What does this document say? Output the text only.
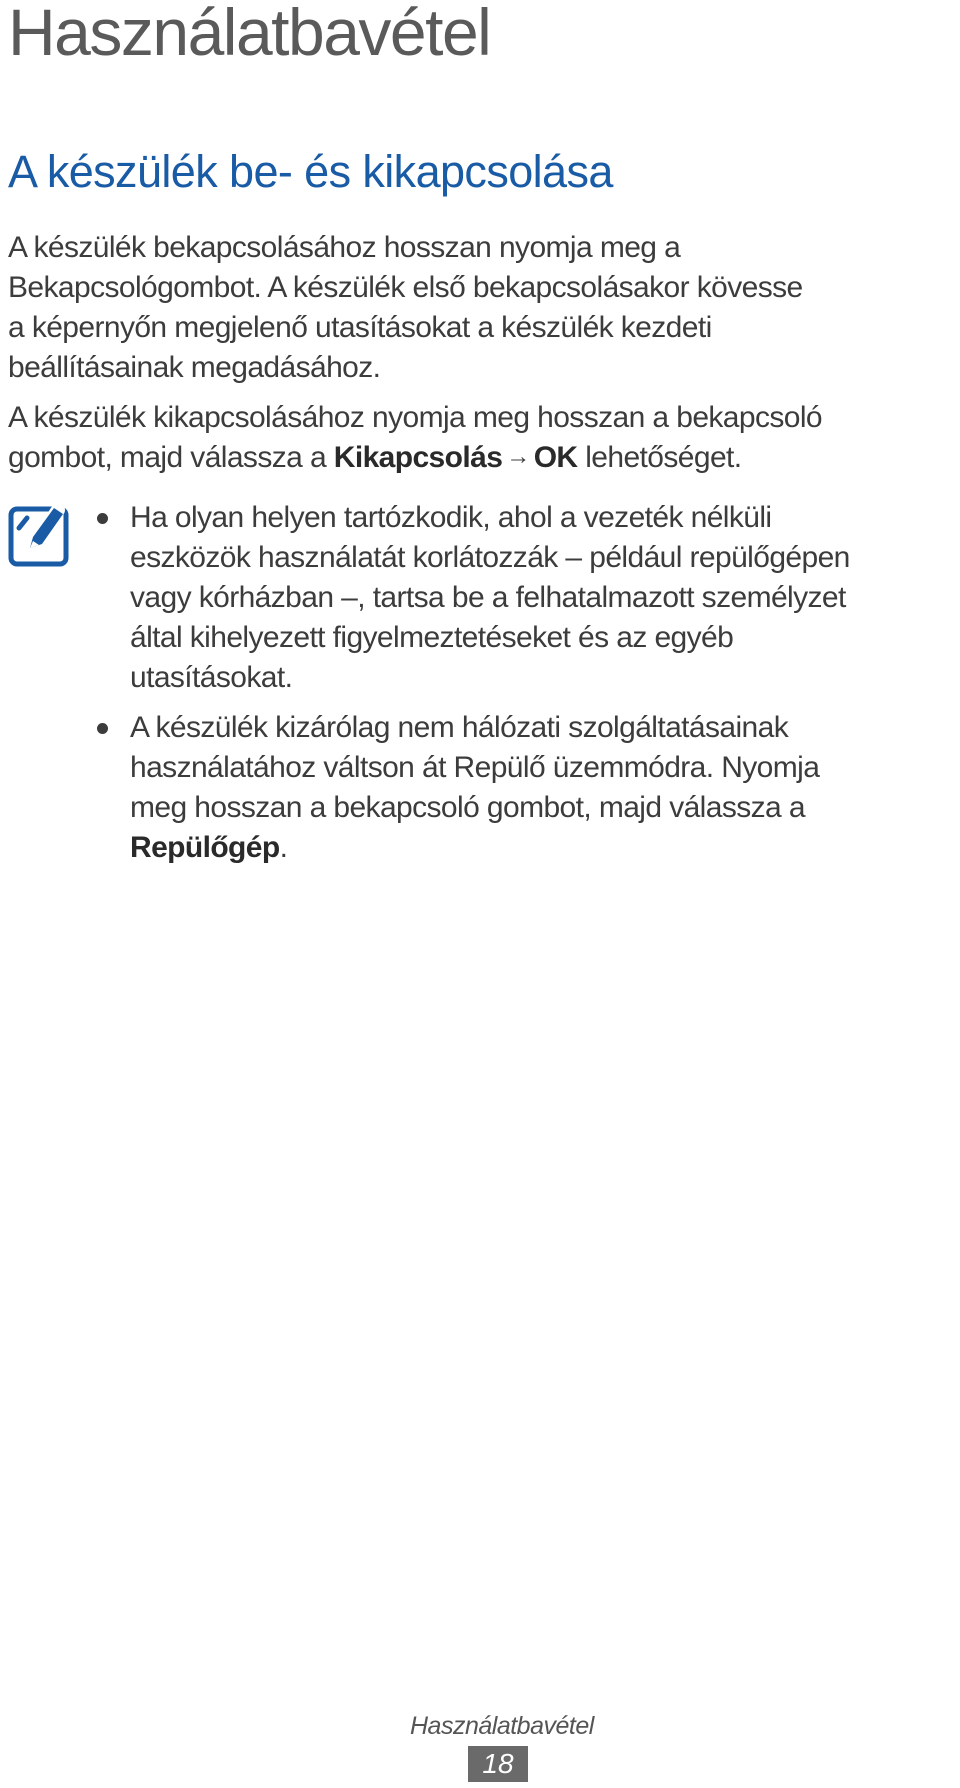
Használatbavétel
A készülék be- és kikapcsolása

A készülék bekapcsolásához hosszan nyomja meg a
Bekapcsológombot. A készülék első bekapcsolásakor kövesse
a képernyőn megjelenő utasításokat a készülék kezdeti
beállításainak megadásához.

A készülék kikapcsolásához nyomja meg hosszan a bekapcsoló
gombot, majd válassza a Kikapcsolás → OK lehetőséget.

Ha olyan helyen tartózkodik, ahol a vezeték nélküli
eszközök használatát korlátozzák – például repülőgépen
vagy kórházban –, tartsa be a felhatalmazott személyzet
által kihelyezett figyelmeztetéseket és az egyéb
utasításokat.
A készülék kizárólag nem hálózati szolgáltatásainak
használatához váltson át Repülő üzemmódra. Nyomja
meg hosszan a bekapcsoló gombot, majd válassza a
Repülőgép.
Használatbavétel
18
